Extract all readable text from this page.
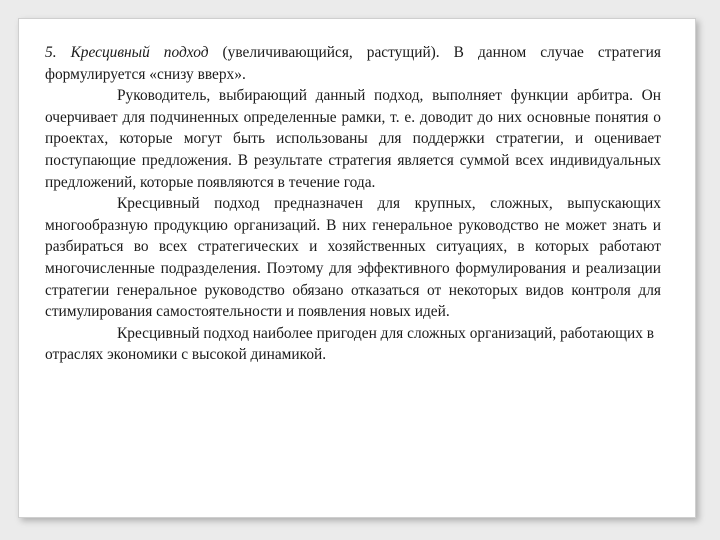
5. Кресцивный подход (увеличивающийся, растущий). В данном случае стратегия формулируется «снизу вверх».

Руководитель, выбирающий данный подход, выполняет функции арбитра. Он очерчивает для подчиненных определенные рамки, т. е. доводит до них основные понятия о проектах, которые могут быть использованы для поддержки стратегии, и оценивает поступающие предложения. В результате стратегия является суммой всех индивидуальных предложений, которые появляются в течение года.

Кресцивный подход предназначен для крупных, сложных, выпускающих многообразную продукцию организаций. В них генеральное руководство не может знать и разбираться во всех стратегических и хозяйственных ситуациях, в которых работают многочисленные подразделения. Поэтому для эффективного формулирования и реализации стратегии генеральное руководство обязано отказаться от некоторых видов контроля для стимулирования самостоятельности и появления новых идей.

Кресцивный подход наиболее пригоден для сложных организаций, работающих в отраслях экономики с высокой динамикой.
